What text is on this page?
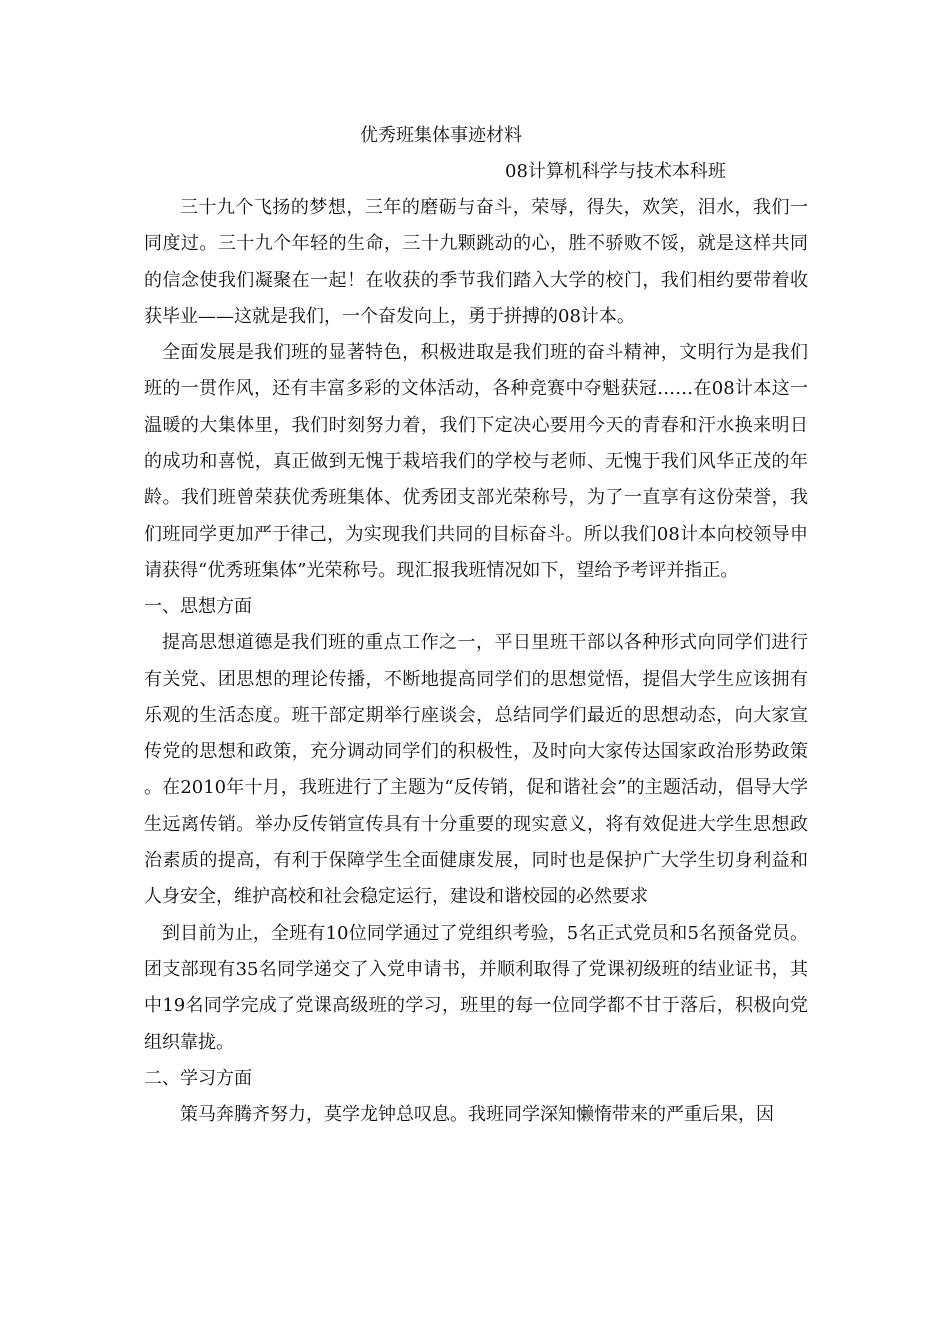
优秀班集体事迹材料
08计算机科学与技术本科班

三十九个飞扬的梦想，三年的磨砺与奋斗，荣辱，得失，欢笑，泪水，我们一同度过。三十九个年轻的生命，三十九颗跳动的心，胜不骄败不馁，就是这样共同的信念使我们凝聚在一起！在收获的季节我们踏入大学的校门，我们相约要带着收获毕业——这就是我们，一个奋发向上，勇于拼搏的08计本。

全面发展是我们班的显著特色，积极进取是我们班的奋斗精神，文明行为是我们班的一贯作风，还有丰富多彩的文体活动，各种竞赛中夺魁获冠……在08计本这一温暖的大集体里，我们时刻努力着，我们下定决心要用今天的青春和汗水换来明日的成功和喜悦，真正做到无愧于栽培我们的学校与老师、无愧于我们风华正茂的年龄。我们班曾荣获优秀班集体、优秀团支部光荣称号，为了一直享有这份荣誉，我们班同学更加严于律己，为实现我们共同的目标奋斗。所以我们08计本向校领导申请获得“优秀班集体”光荣称号。现汇报我班情况如下，望给予考评并指正。

一、思想方面

提高思想道德是我们班的重点工作之一，平日里班干部以各种形式向同学们进行有关党、团思想的理论传播，不断地提高同学们的思想觉悟，提倡大学生应该拥有乐观的生活态度。班干部定期举行座谈会，总结同学们最近的思想动态，向大家宣传党的思想和政策，充分调动同学们的积极性，及时向大家传达国家政治形势政策。在2010年十月，我班进行了主题为“反传销，促和谐社会”的主题活动，倡导大学生远离传销。举办反传销宣传具有十分重要的现实意义，将有效促进大学生思想政治素质的提高，有利于保障学生全面健康发展，同时也是保护广大学生切身利益和人身安全，维护高校和社会稳定运行，建设和谐校园的必然要求

到目前为止，全班有10位同学通过了党组织考验，5名正式党员和5名预备党员。团支部现有35名同学递交了入党申请书，并顺利取得了党课初级班的结业证书，其中19名同学完成了党课高级班的学习，班里的每一位同学都不甘于落后，积极向党组织靠拢。

二、学习方面

策马奔腾齐努力，莫学龙钟总叹息。我班同学深知懒惰带来的严重后果，因
